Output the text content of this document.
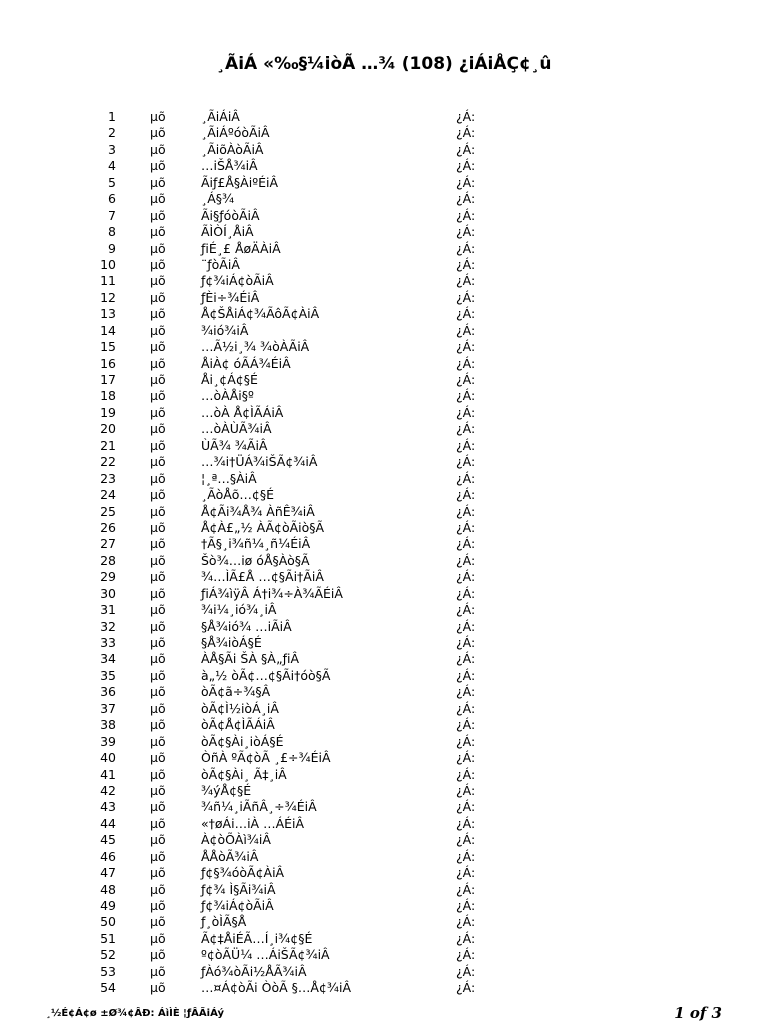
¸ÃiÁ «‰§¼iòÃ …¾ (108) ¿iÁiÅÇ¢¸û
1	µõ	¸ÃiÁiÂ	¿Á:
2	µõ	¸ÃiÁºóòÃiÂ	¿Á:
3	µõ	¸ÃiõÀòÃiÂ	¿Á:
4	µõ	…iŠÅ¾iÂ	¿Á:
5	µõ	Ãiƒ£Å§ÀiºÉiÂ	¿Á:
6	µõ	¸Á§¾	¿Á:
7	µõ	Ãi§ƒóòÃiÂ	¿Á:
8	µõ	ÃÌÒÍ¸ÅiÂ	¿Á:
9	µõ	ƒiÉ¸£ ÅøÄÀiÂ	¿Á:
10	µõ	¨ƒòÃiÂ	¿Á:
11	µõ	ƒ¢¾iÁ¢òÃiÂ	¿Á:
12	µõ	ƒÈi÷¾ÉiÂ	¿Á:
13	µõ	Å¢ŠÅiÁ¢¾ÃôÃ¢ÀiÂ	¿Á:
14	µõ	¾ió¾iÂ	¿Á:
15	µõ	…Ã½i¸¾ ¾òÀÃiÂ	¿Á:
16	µõ	ÅiÀ¢ óÃÁ¾ÉiÂ	¿Á:
17	µõ	Åi¸¢Á¢§É	¿Á:
18	µõ	…òÀÅi§º	¿Á:
19	µõ	…òÀ Å¢ÌÃÁiÂ	¿Á:
20	µõ	…òÀÙÃ¾iÂ	¿Á:
21	µõ	ÙÃ¾ ¾ÃiÂ	¿Á:
22	µõ	…¾i†ÜÁ¾iŠÃ¢¾iÂ	¿Á:
23	µõ	¦¸ª…§ÀiÂ	¿Á:
24	µõ	¸ÃòÅõ…¢§É	¿Á:
25	µõ	Å¢Ãi¾Å¾ ÀñÊ¾iÂ	¿Á:
26	µõ	Å¢À£„½ ÀÃ¢òÃiò§Ã	¿Á:
27	µõ	†Ã§¸i¾ñ¼¸ñ¼ÉiÂ	¿Á:
28	µõ	Šò¾…iø óÅ§Àò§Ã	¿Á:
29	µõ	¾…ÌÃ£Å …¢§Ãi†ÃiÂ	¿Á:
30	µõ	ƒiÁ¾ìÿÂ Á†i¾÷À¾ÃÉiÂ	¿Á:
31	µõ	¾i¼¸ió¾¸iÂ	¿Á:
32	µõ	§Å¾ió¾ …iÃiÂ	¿Á:
33	µõ	§Å¾iòÁ§É	¿Á:
34	µõ	ÀÅ§Ãi ŠÀ §À„ƒiÂ	¿Á:
35	µõ	à„½ òÃ¢…¢§Ãi†óò§Ã	¿Á:
36	µõ	òÃ¢ã÷¾§Â	¿Á:
37	µõ	òÃ¢Ì½iòÁ¸iÂ	¿Á:
38	µõ	òÃ¢Å¢ÌÃÁiÂ	¿Á:
39	µõ	òÃ¢§Ài¸iòÁ§É	¿Á:
40	µõ	ÒñÀ ºÃ¢òÃ ¸£÷¾ÉiÂ	¿Á:
41	µõ	òÃ¢§Ài¸ Ã‡¸iÂ	¿Á:
42	µõ	¾ýÅ¢§É	¿Á:
43	µõ	¾ñ¼¸iÃñÂ¸÷¾ÉiÂ	¿Á:
44	µõ	«†øÁi…iÀ …ÁÉiÂ	¿Á:
45	µõ	À¢òÕÀì¾iÂ	¿Á:
46	µõ	ÅÅòÃ¾iÂ	¿Á:
47	µõ	ƒ¢§¾óòÃ¢ÀiÂ	¿Á:
48	µõ	ƒ¢¾ Ì§Ãi¾iÂ	¿Á:
49	µõ	ƒ¢¾iÁ¢òÃiÂ	¿Á:
50	µõ	ƒ¸òÌÃ§Å	¿Á:
51	µõ	Ã¢‡ÅiÉÃ…Í¸i¾¢§É	¿Á:
52	µõ	º¢òÃÜ¼ …ÁiŠÃ¢¾iÂ	¿Á:
53	µõ	ƒÀó¾òÃi½ÅÃ¾iÂ	¿Á:
54	µõ	…¤Á¢òÃi ÒòÃ §…Å¢¾iÂ	¿Á:
¸½É¢Á¢ø ±Ø¾¢ÂÐ: ÁìÌÈ ¦ƒÂÃiÁý	1 of 3
